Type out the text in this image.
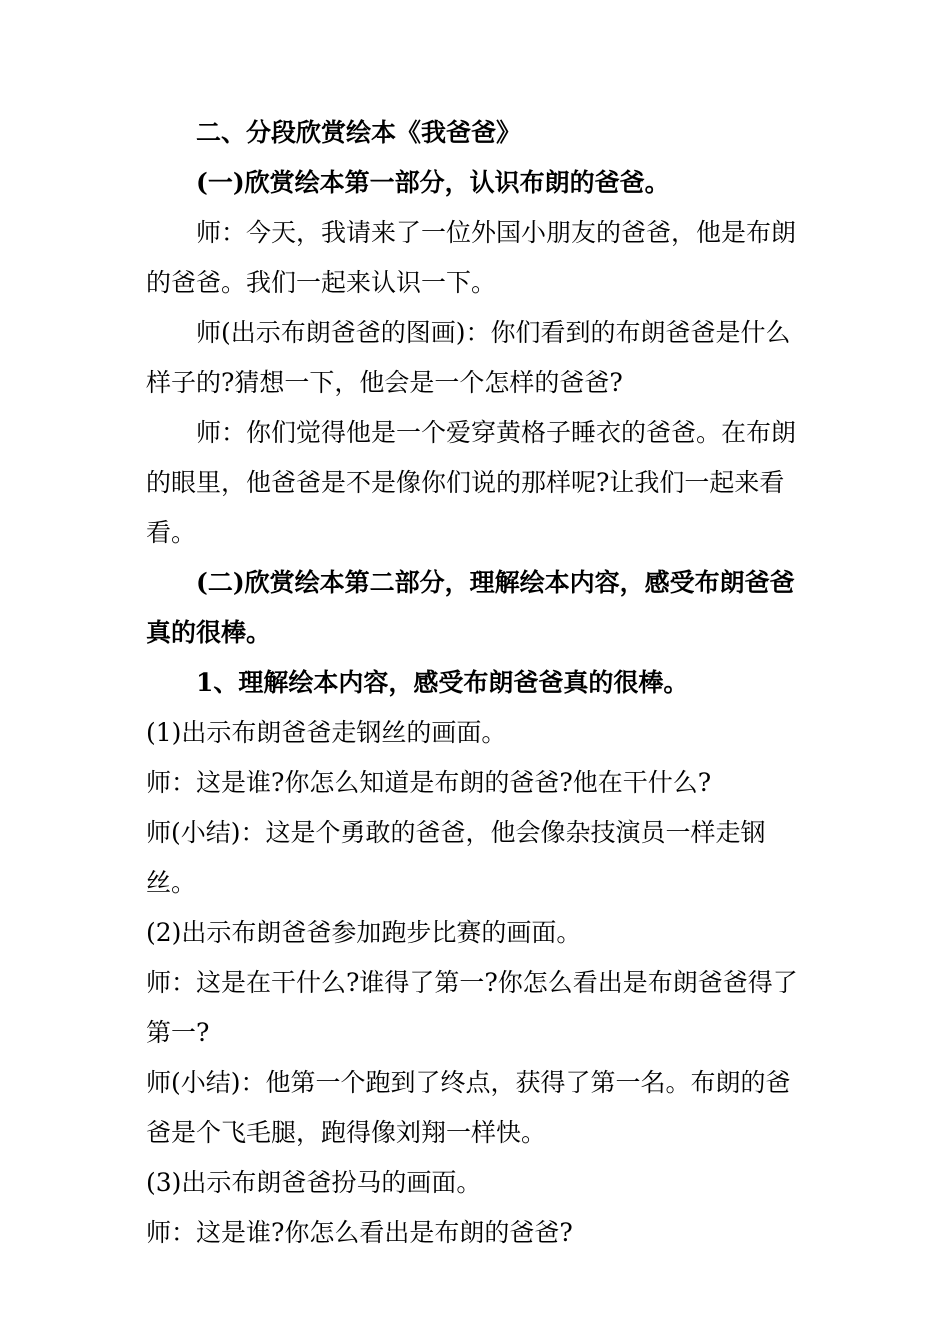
二、分段欣赏绘本《我爸爸》

(一)欣赏绘本第一部分，认识布朗的爸爸。

师：今天，我请来了一位外国小朋友的爸爸，他是布朗的爸爸。我们一起来认识一下。

师(出示布朗爸爸的图画)：你们看到的布朗爸爸是什么样子的?猜想一下，他会是一个怎样的爸爸?

师：你们觉得他是一个爱穿黄格子睡衣的爸爸。在布朗的眼里，他爸爸是不是像你们说的那样呢?让我们一起来看看。

(二)欣赏绘本第二部分，理解绘本内容，感受布朗爸爸真的很棒。

1、理解绘本内容，感受布朗爸爸真的很棒。

(1)出示布朗爸爸走钢丝的画面。

师：这是谁?你怎么知道是布朗的爸爸?他在干什么?

师(小结)：这是个勇敢的爸爸，他会像杂技演员一样走钢丝。

(2)出示布朗爸爸参加跑步比赛的画面。

师：这是在干什么?谁得了第一?你怎么看出是布朗爸爸得了第一?

师(小结)：他第一个跑到了终点，获得了第一名。布朗的爸爸是个飞毛腿，跑得像刘翔一样快。

(3)出示布朗爸爸扮马的画面。

师：这是谁?你怎么看出是布朗的爸爸?
